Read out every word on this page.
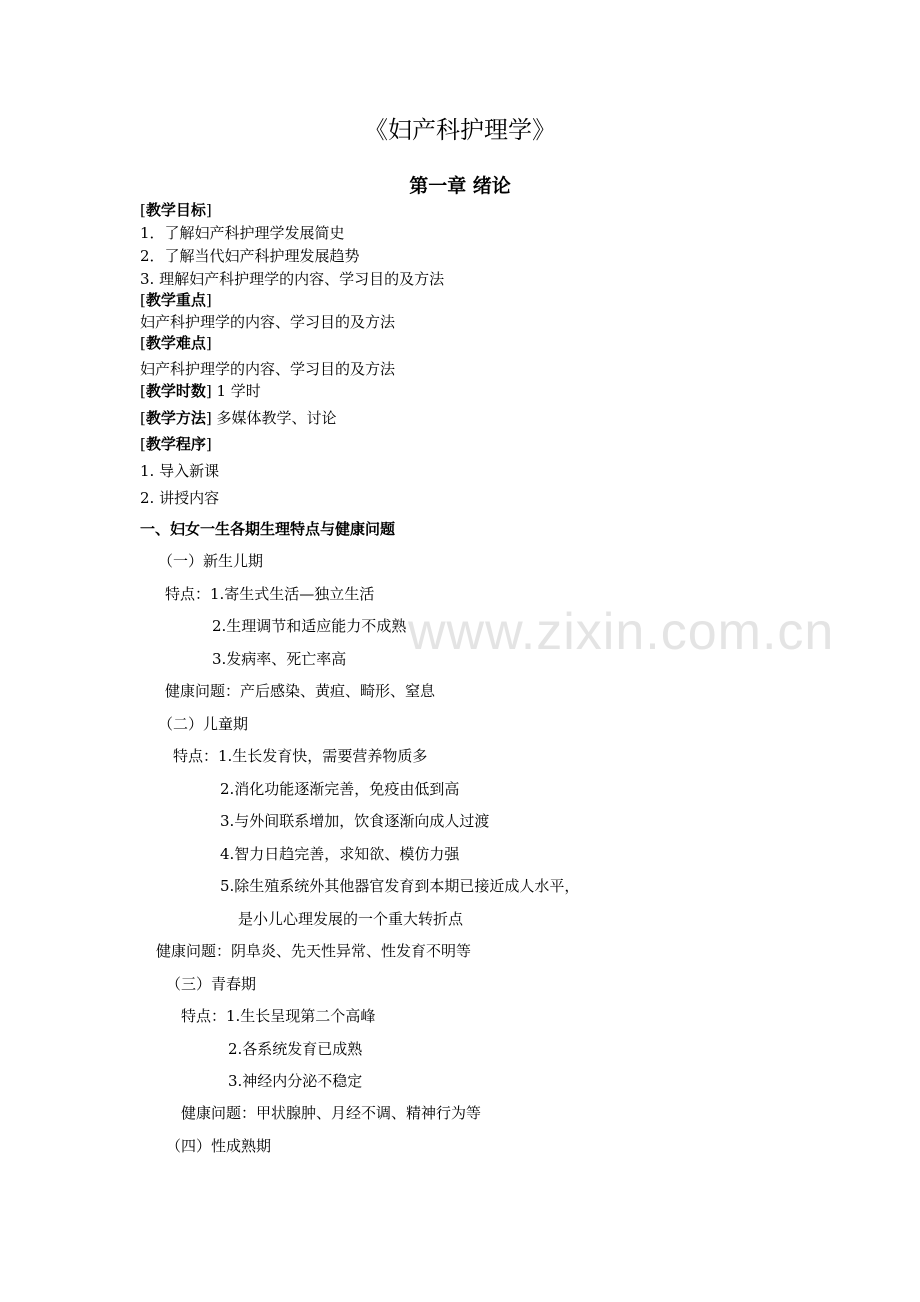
www.zixin.com.cn
《妇产科护理学》
第一章 绪论
[教学目标]
1．了解妇产科护理学发展简史
2．了解当代妇产科护理发展趋势
3. 理解妇产科护理学的内容、学习目的及方法
[教学重点]
妇产科护理学的内容、学习目的及方法
[教学难点]
妇产科护理学的内容、学习目的及方法
[教学时数] 1 学时
[教学方法] 多媒体教学、讨论
[教学程序]
1. 导入新课
2. 讲授内容
一、妇女一生各期生理特点与健康问题
（一）新生儿期
特点：1.寄生式生活—独立生活
2.生理调节和适应能力不成熟
3.发病率、死亡率高
健康问题：产后感染、黄疸、畸形、窒息
（二）儿童期
特点：1.生长发育快，需要营养物质多
2.消化功能逐渐完善，免疫由低到高
3.与外间联系增加，饮食逐渐向成人过渡
4.智力日趋完善，求知欲、模仿力强
5.除生殖系统外其他器官发育到本期已接近成人水平，
是小儿心理发展的一个重大转折点
健康问题：阴阜炎、先天性异常、性发育不明等
（三）青春期
特点：1.生长呈现第二个高峰
2.各系统发育已成熟
3.神经内分泌不稳定
健康问题：甲状腺肿、月经不调、精神行为等
（四）性成熟期
